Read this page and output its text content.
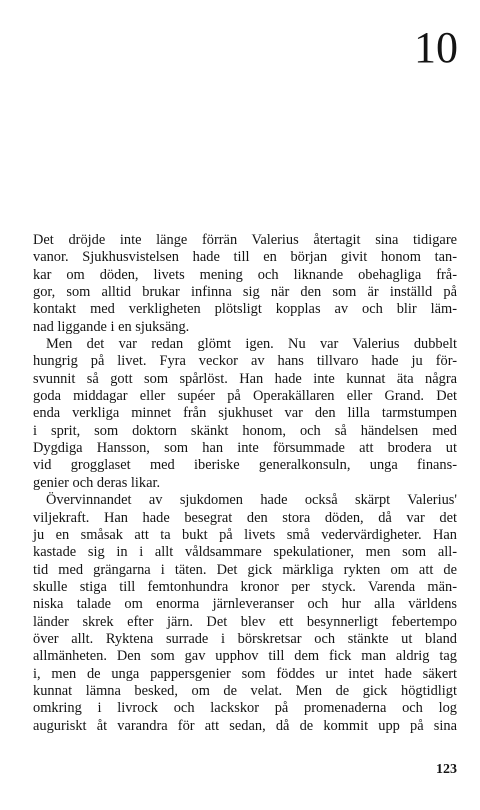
10
Det dröjde inte länge förrän Valerius återtagit sina tidigare
vanor. Sjukhusvistelsen hade till en början givit honom tan-
kar om döden, livets mening och liknande obehagliga frå-
gor, som alltid brukar infinna sig när den som är inställd på
kontakt med verkligheten plötsligt kopplas av och blir läm-
nad liggande i en sjuksäng.
Men det var redan glömt igen. Nu var Valerius dubbelt
hungrig på livet. Fyra veckor av hans tillvaro hade ju för-
svunnit så gott som spårlöst. Han hade inte kunnat äta några
goda middagar eller supéer på Operakällaren eller Grand. Det
enda verkliga minnet från sjukhuset var den lilla tarmstumpen
i sprit, som doktorn skänkt honom, och så händelsen med
Dygdiga Hansson, som han inte försummade att brodera ut
vid grogglaset med iberiske generalkonsuln, unga finans-
genier och deras likar.
Övervinnandet av sjukdomen hade också skärpt Valerius'
viljekraft. Han hade besegrat den stora döden, då var det
ju en småsak att ta bukt på livets små vedervärdigheter. Han
kastade sig in i allt våldsammare spekulationer, men som all-
tid med grängarna i täten. Det gick märkliga rykten om att de
skulle stiga till femtonhundra kronor per styck. Varenda män-
niska talade om enorma järnleveranser och hur alla världens
länder skrek efter järn. Det blev ett besynnerligt febertempo
över allt. Ryktena surrade i börskretsar och stänkte ut bland
allmänheten. Den som gav upphov till dem fick man aldrig tag
i, men de unga pappersgenier som föddes ur intet hade säkert
kunnat lämna besked, om de velat. Men de gick högtidligt
omkring i livrock och lackskor på promenaderna och log
auguriskt åt varandra för att sedan, då de kommit upp på sina
123
